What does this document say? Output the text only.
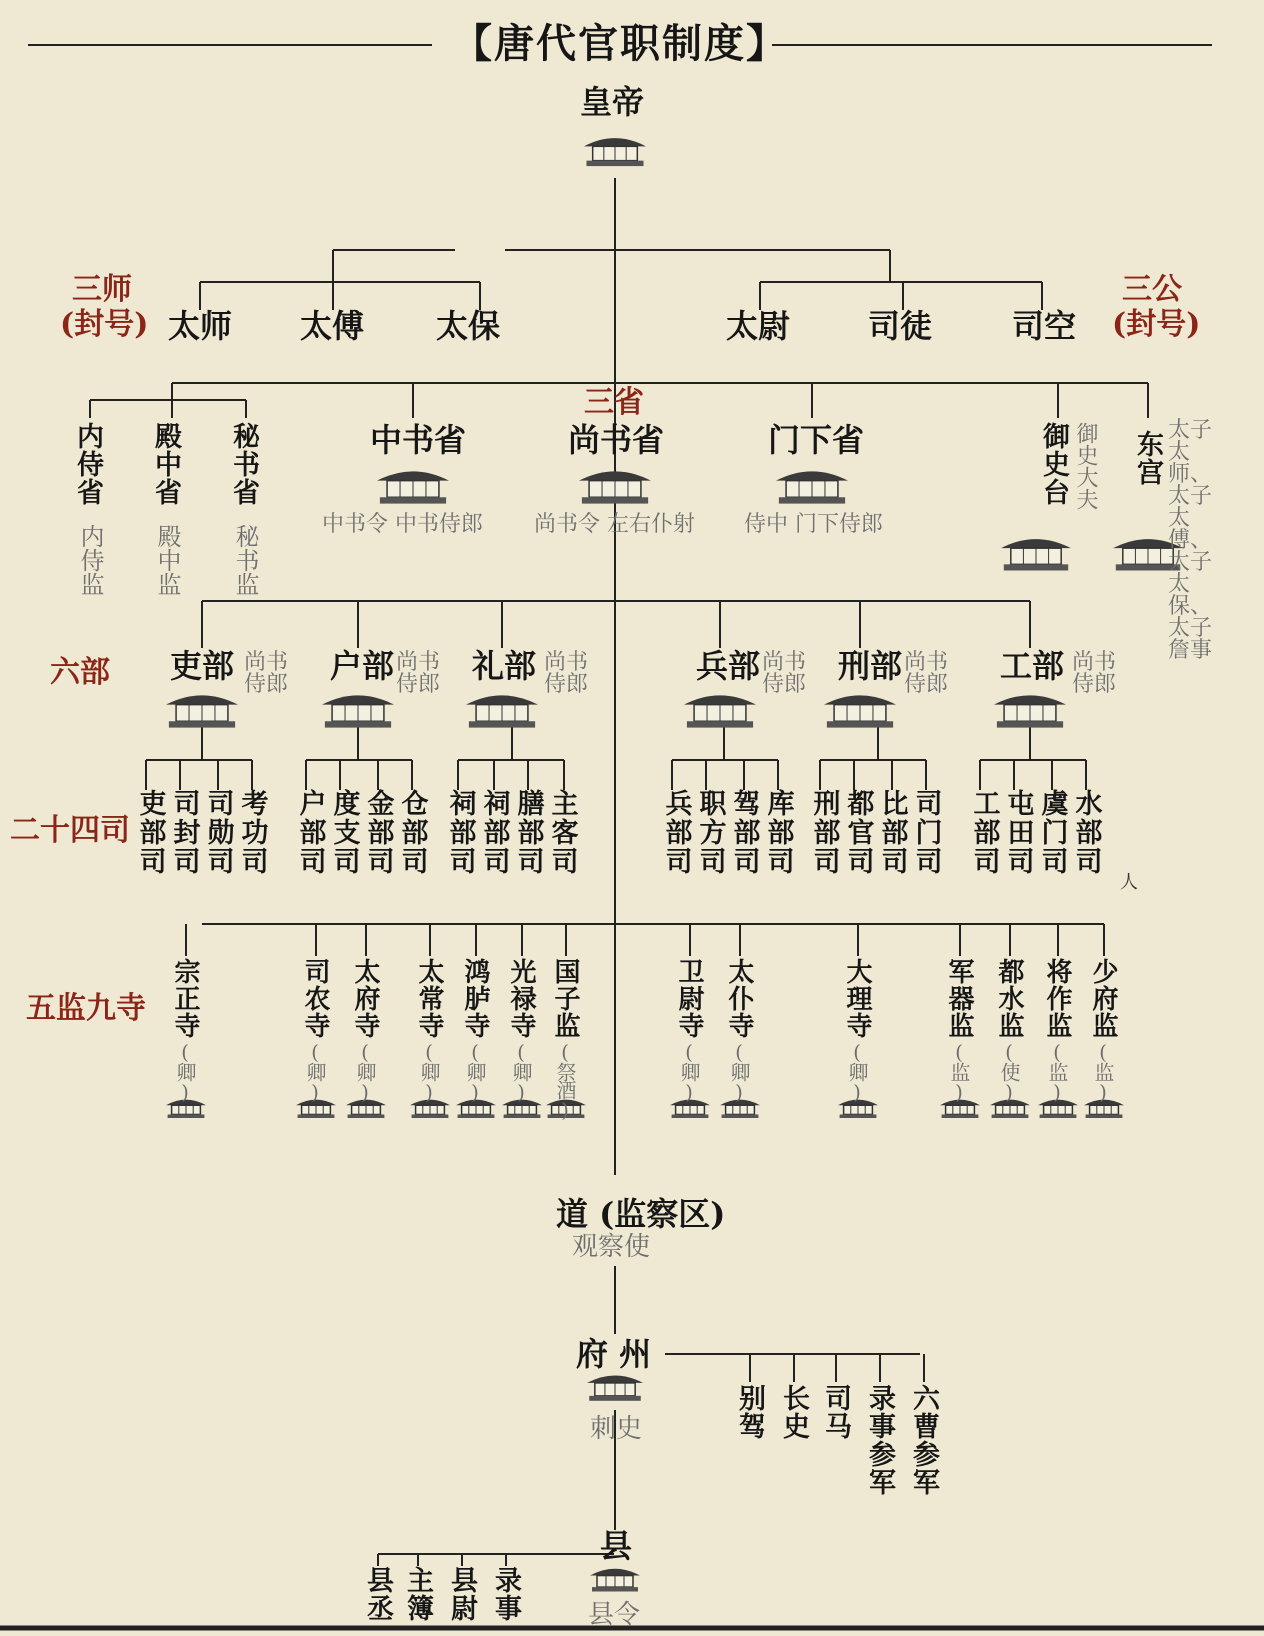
【唐代官职制度】
皇帝
三师
(封号)
三公
(封号)
太师 太傅 太保	太尉 司徒 司空
三省
中书省	尚书省	门下省
中书令 中书侍郎 尚书令 左右仆射 侍中 门下侍郎
内侍省
内侍监
殿中省
殿中监
秘书省
秘书监
御史台 御史大夫 东宫 太子太师、太子太傅、太子太保、太子詹事
六部 吏部	户部 礼部	兵部 刑部	工部
尚书 侍郎
尚书 侍郎
尚书 侍郎
尚书 侍郎
尚书 侍郎
尚书 侍郎
二十四司
吏
部
司
司
封
司
司
勋
司
考
功
司
户
部
司
度
支
司
金
部
司
仓
部
司
祠
部
司
祠
部
司
膳
部
司
主
客
司
兵
部
司
职
方
司
驾
部
司
库
部
司
刑
部
司
都
官
司
比
部
司
司
门
司
工
部
司
屯
田
司
虞
门
司
水
部
司
五监九寺 宗正寺
(卿)
司农寺
(卿)
太府寺
(卿)
太常寺
(卿)
鸿胪寺
(卿)
光禄寺
(卿)
国子监
(祭酒)
卫尉寺
(卿)
太仆寺
(卿)
大理寺
(卿)
军器监
(监)
都水监
(使)
将作监
(监)
少府监
(监)
道 (监察区)
观察使
府 州
刺史	别驾 长史 司马 录事参军 六曹参军
县
县令
县丞 主簿 县尉 录事
人
